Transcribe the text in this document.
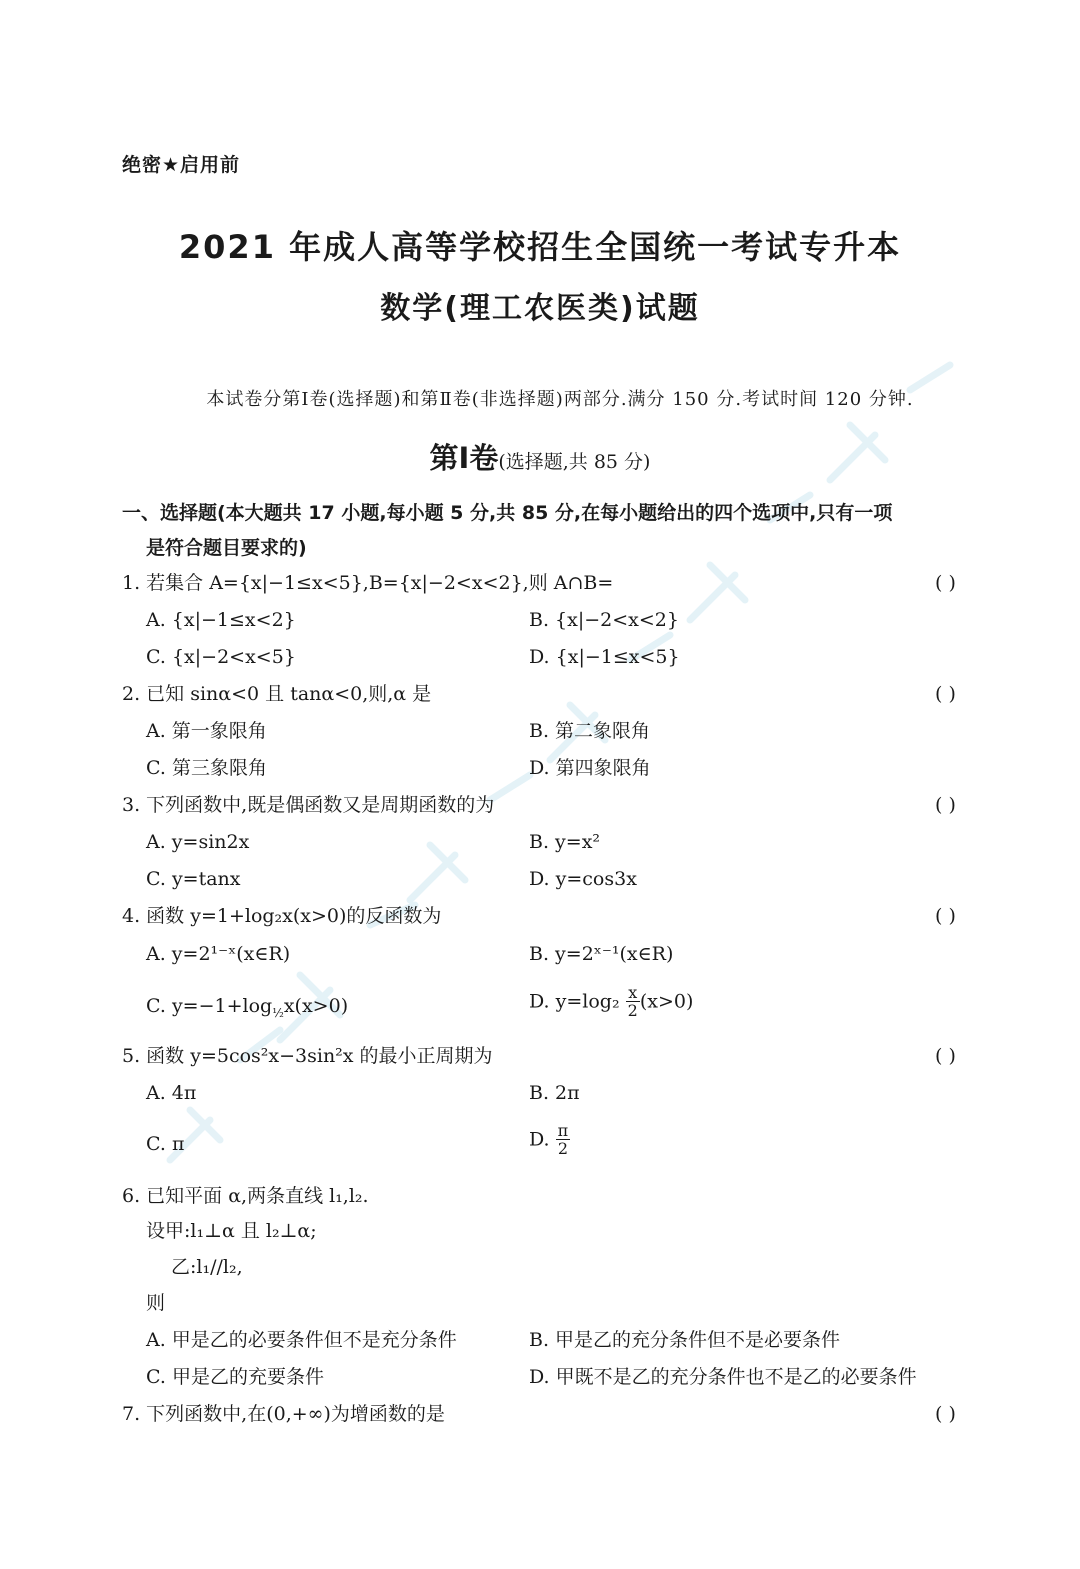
绝密★启用前
2021 年成人高等学校招生全国统一考试专升本
数学(理工农医类)试题
本试卷分第Ⅰ卷(选择题)和第Ⅱ卷(非选择题)两部分.满分 150 分.考试时间 120 分钟.
第Ⅰ卷(选择题,共 85 分)
一、选择题(本大题共 17 小题,每小题 5 分,共 85 分,在每小题给出的四个选项中,只有一项
是符合题目要求的)
1. 若集合 A={x|−1≤x<5},B={x|−2<x<2},则 A∩B=	( )
A. {x|−1≤x<2}	B. {x|−2<x<2}
C. {x|−2<x<5}	D. {x|−1≤x<5}
2. 已知 sinα<0 且 tanα<0,则,α 是	( )
A. 第一象限角	B. 第二象限角
C. 第三象限角	D. 第四象限角
3. 下列函数中,既是偶函数又是周期函数的为	( )
A. y=sin2x	B. y=x²
C. y=tanx	D. y=cos3x
4. 函数 y=1+log₂x(x>0)的反函数为	( )
A. y=2¹⁻ˣ(x∈R)	B. y=2ˣ⁻¹(x∈R)
C. $y=-1+\log_{\frac{1}{2}}x(x>0)$	D. $y=\log_2 \frac{x}{2} (x>0)$
5. 函数 y=5cos²x−3sin²x 的最小正周期为	( )
A. 4π	B. 2π
C. π	D. $\frac{\pi}{2}$
6. 已知平面 α,两条直线 l₁,l₂.
设甲:l₁⊥α 且 l₂⊥α;
乙:l₁//l₂,
则
A. 甲是乙的必要条件但不是充分条件	B. 甲是乙的充分条件但不是必要条件
C. 甲是乙的充要条件	D. 甲既不是乙的充分条件也不是乙的必要条件
7. 下列函数中,在(0,+∞)为增函数的是	( )
